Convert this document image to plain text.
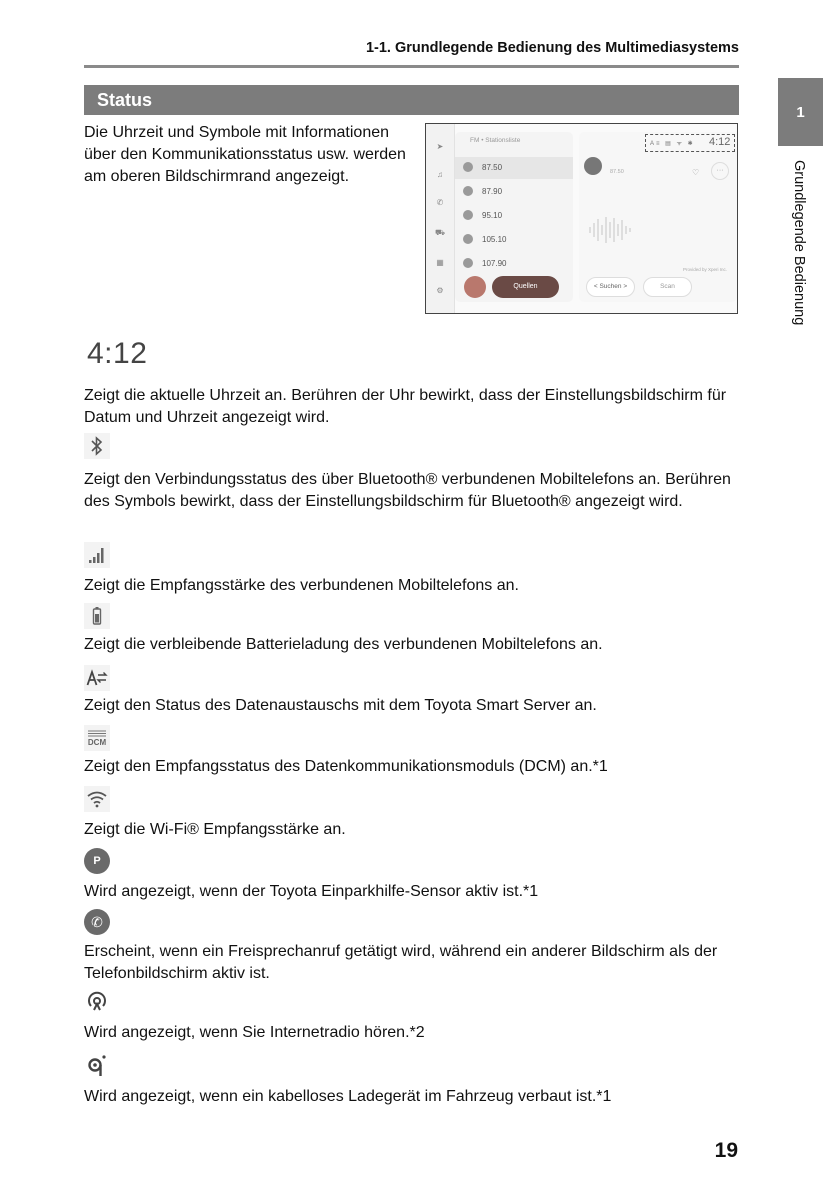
1-1. Grundlegende Bedienung des Multimediasystems
1
Grundlegende Bedienung
Status
Die Uhrzeit und Symbole mit Informationen über den Kommunikationsstatus usw. werden am oberen Bildschirmrand angezeigt.
➤
♫
✆
⛟
▦
⚙
87.50
87.90
95.10
105.10
107.90
FM • Stationsliste
Quellen
87.50
A≡ ▤ ᯤ ✱ 4:12
♡	···
Provided by Xperi Inc.
< Suchen >	Scan
4:12
Zeigt die aktuelle Uhrzeit an. Berühren der Uhr bewirkt, dass der Einstellungsbildschirm für Datum und Uhrzeit angezeigt wird.
Zeigt den Verbindungsstatus des über Bluetooth® verbundenen Mobiltelefons an. Berühren des Symbols bewirkt, dass der Einstellungsbildschirm für Bluetooth® angezeigt wird.
Zeigt die Empfangsstärke des verbundenen Mobiltelefons an.
Zeigt die verbleibende Batterieladung des verbundenen Mobiltelefons an.
Zeigt den Status des Datenaustauschs mit dem Toyota Smart Server an.
DCM
Zeigt den Empfangsstatus des Datenkommunikationsmoduls (DCM) an.*1
Zeigt die Wi-Fi® Empfangsstärke an.
P
Wird angezeigt, wenn der Toyota Einparkhilfe-Sensor aktiv ist.*1
✆
Erscheint, wenn ein Freisprechanruf getätigt wird, während ein anderer Bildschirm als der Telefonbildschirm aktiv ist.
Wird angezeigt, wenn Sie Internetradio hören.*2
Wird angezeigt, wenn ein kabelloses Ladegerät im Fahrzeug verbaut ist.*1
19
